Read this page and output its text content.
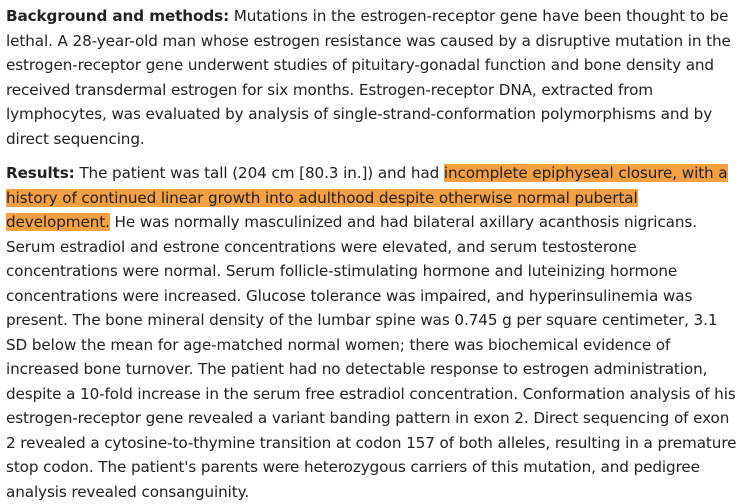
Background and methods: Mutations in the estrogen-receptor gene have been thought to be lethal. A 28-year-old man whose estrogen resistance was caused by a disruptive mutation in the estrogen-receptor gene underwent studies of pituitary-gonadal function and bone density and received transdermal estrogen for six months. Estrogen-receptor DNA, extracted from lymphocytes, was evaluated by analysis of single-strand-conformation polymorphisms and by direct sequencing.

Results: The patient was tall (204 cm [80.3 in.]) and had incomplete epiphyseal closure, with a history of continued linear growth into adulthood despite otherwise normal pubertal development. He was normally masculinized and had bilateral axillary acanthosis nigricans. Serum estradiol and estrone concentrations were elevated, and serum testosterone concentrations were normal. Serum follicle-stimulating hormone and luteinizing hormone concentrations were increased. Glucose tolerance was impaired, and hyperinsulinemia was present. The bone mineral density of the lumbar spine was 0.745 g per square centimeter, 3.1 SD below the mean for age-matched normal women; there was biochemical evidence of increased bone turnover. The patient had no detectable response to estrogen administration, despite a 10-fold increase in the serum free estradiol concentration. Conformation analysis of his estrogen-receptor gene revealed a variant banding pattern in exon 2. Direct sequencing of exon 2 revealed a cytosine-to-thymine transition at codon 157 of both alleles, resulting in a premature stop codon. The patient's parents were heterozygous carriers of this mutation, and pedigree analysis revealed consanguinity.
